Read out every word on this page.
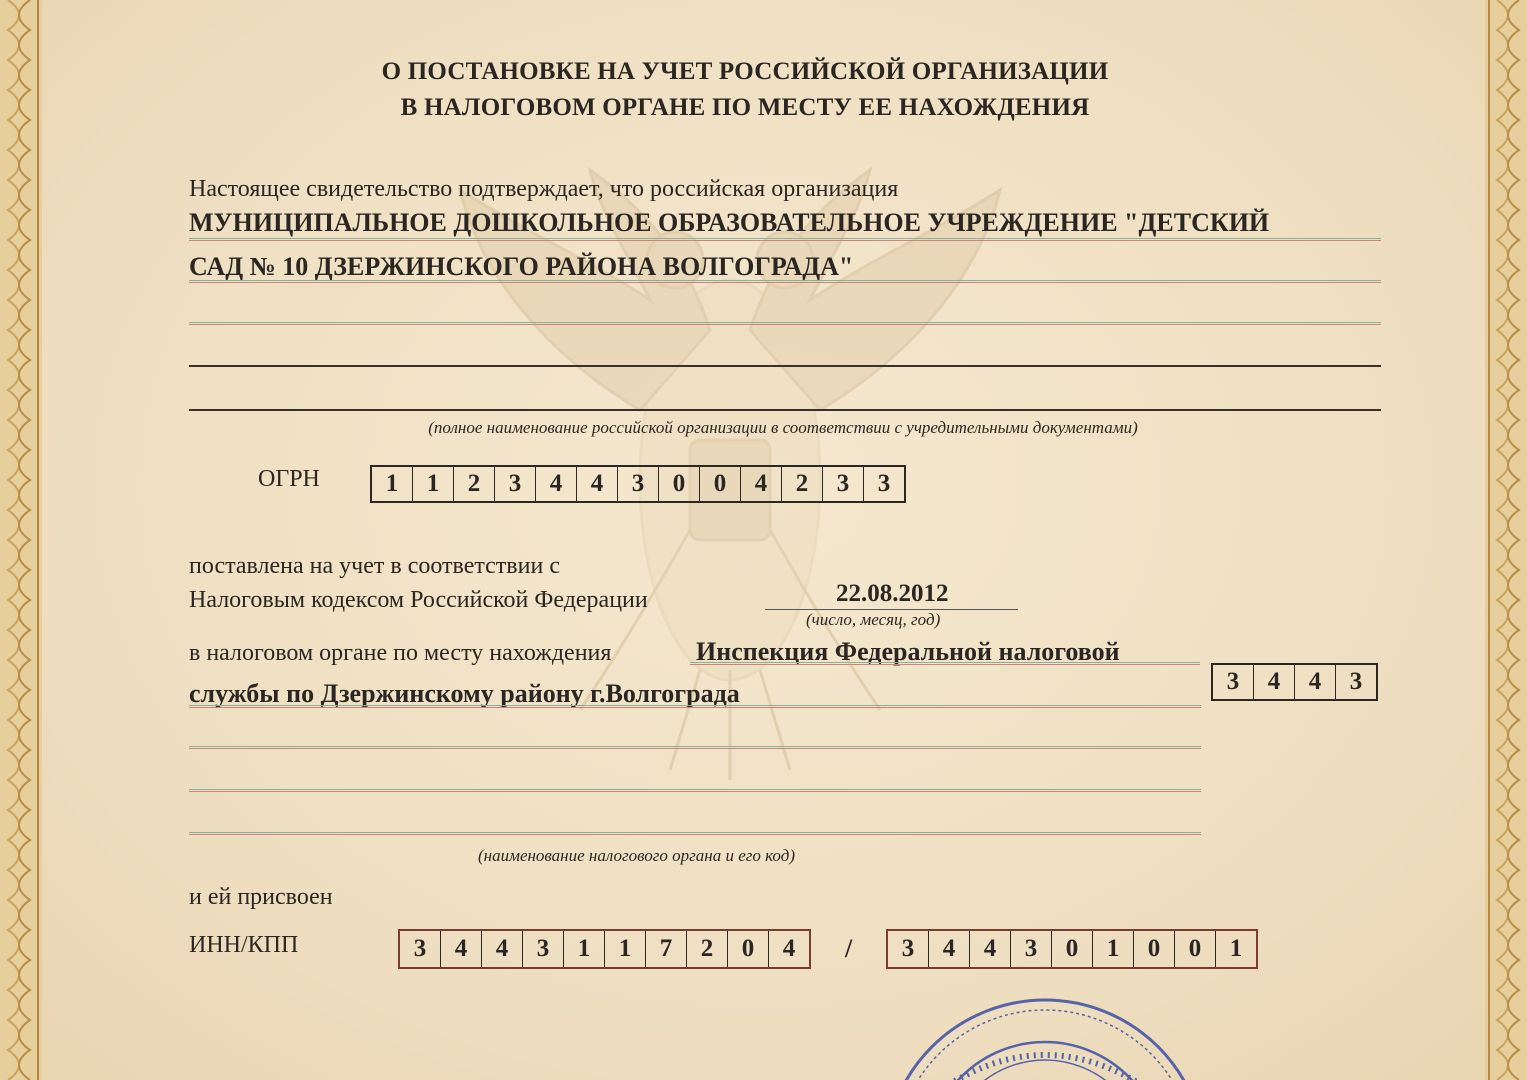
О ПОСТАНОВКЕ НА УЧЕТ РОССИЙСКОЙ ОРГАНИЗАЦИИ
В НАЛОГОВОМ ОРГАНЕ ПО МЕСТУ ЕЕ НАХОЖДЕНИЯ
Настоящее свидетельство подтверждает, что российская организация
МУНИЦИПАЛЬНОЕ ДОШКОЛЬНОЕ ОБРАЗОВАТЕЛЬНОЕ УЧРЕЖДЕНИЕ "ДЕТСКИЙ
САД № 10 ДЗЕРЖИНСКОГО РАЙОНА ВОЛГОГРАДА"
(полное наименование российской организации в соответствии с учредительными документами)
ОГРН	1	1	2	3	4	4	3	0	0	4	2	3	3
поставлена на учет в соответствии с
Налоговым кодексом Российской Федерации	22.08.2012
(число, месяц, год)
в налоговом органе по месту нахождения	Инспекция Федеральной налоговой
службы по Дзержинскому району г.Волгограда	3	4	4	3
(наименование налогового органа и его код)
и ей присвоен
ИНН/КПП	3	4	4	3	1	1	7	2	0	4	/	3	4	4	3	0	1	0	0	1
